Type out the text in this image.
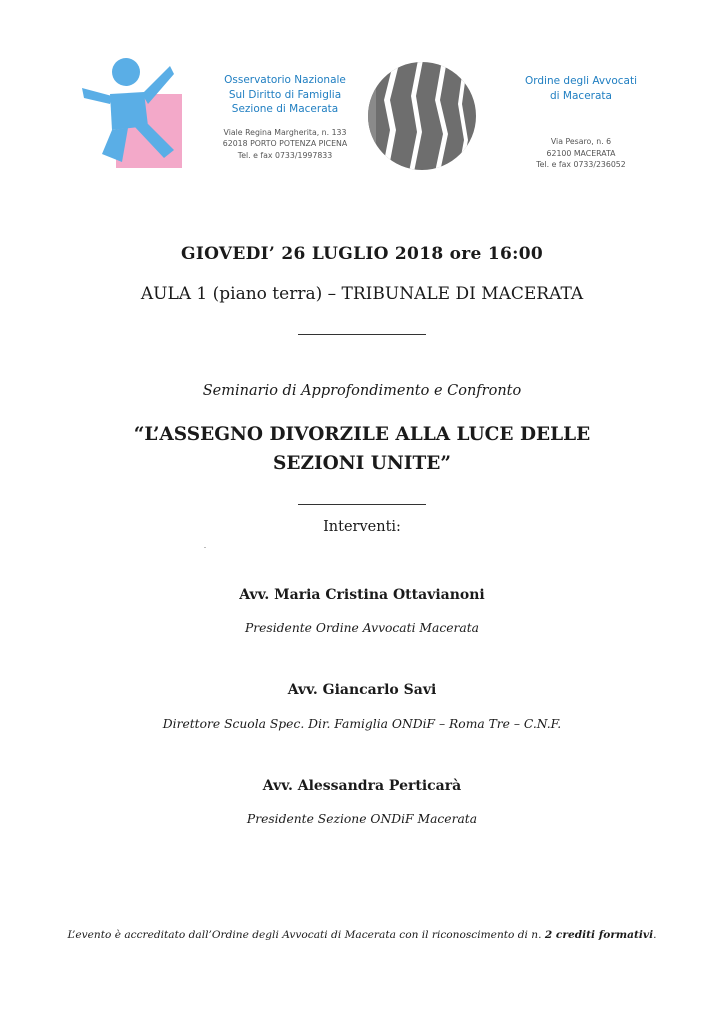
Osservatorio Nazionale
Sul Diritto di Famiglia
Sezione di Macerata
Viale Regina Margherita, n. 133
62018 PORTO POTENZA PICENA
Tel. e fax 0733/1997833
Ordine degli Avvocati
di Macerata
Via Pesaro, n. 6
62100 MACERATA
Tel. e fax 0733/236052
GIOVEDI’ 26 LUGLIO 2018 ore 16:00
AULA 1 (piano terra) – TRIBUNALE DI MACERATA
Seminario di Approfondimento e Confronto
“L’ASSEGNO DIVORZILE ALLA LUCE DELLE
SEZIONI UNITE”
Interventi:
Avv. Maria Cristina Ottavianoni
Presidente Ordine Avvocati Macerata
Avv. Giancarlo Savi
Direttore Scuola Spec. Dir. Famiglia ONDiF – Roma Tre – C.N.F.
Avv. Alessandra Perticarà
Presidente Sezione ONDiF Macerata
L’evento è accreditato dall’Ordine degli Avvocati di Macerata con il riconoscimento di n. 2 crediti formativi.
